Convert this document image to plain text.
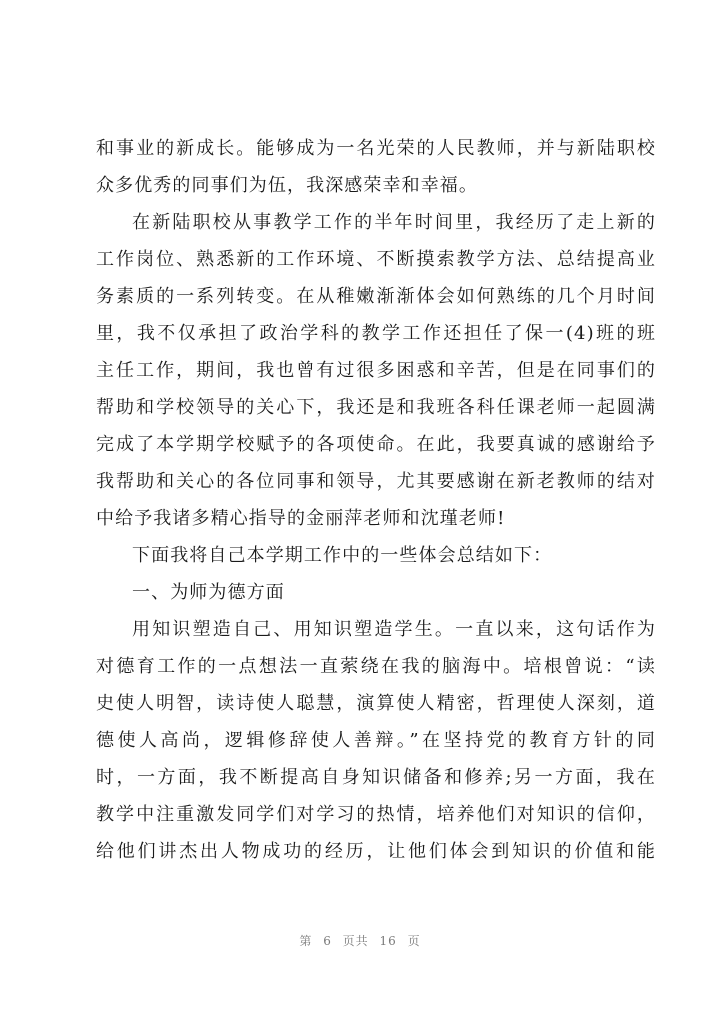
和事业的新成长。能够成为一名光荣的人民教师，并与新陆职校
众多优秀的同事们为伍，我深感荣幸和幸福。
在新陆职校从事教学工作的半年时间里，我经历了走上新的
工作岗位、熟悉新的工作环境、不断摸索教学方法、总结提高业
务素质的一系列转变。在从稚嫩渐渐体会如何熟练的几个月时间
里，我不仅承担了政治学科的教学工作还担任了保一(4)班的班
主任工作，期间，我也曾有过很多困惑和辛苦，但是在同事们的
帮助和学校领导的关心下，我还是和我班各科任课老师一起圆满
完成了本学期学校赋予的各项使命。在此，我要真诚的感谢给予
我帮助和关心的各位同事和领导，尤其要感谢在新老教师的结对
中给予我诸多精心指导的金丽萍老师和沈瑾老师!
下面我将自己本学期工作中的一些体会总结如下：
一、为师为德方面
用知识塑造自己、用知识塑造学生。一直以来，这句话作为
对德育工作的一点想法一直萦绕在我的脑海中。培根曾说：“读
史使人明智，读诗使人聪慧，演算使人精密，哲理使人深刻，道
德使人高尚，逻辑修辞使人善辩。”在坚持党的教育方针的同
时，一方面，我不断提高自身知识储备和修养;另一方面，我在
教学中注重激发同学们对学习的热情，培养他们对知识的信仰，
给他们讲杰出人物成功的经历，让他们体会到知识的价值和能
第 6 页共 16 页
